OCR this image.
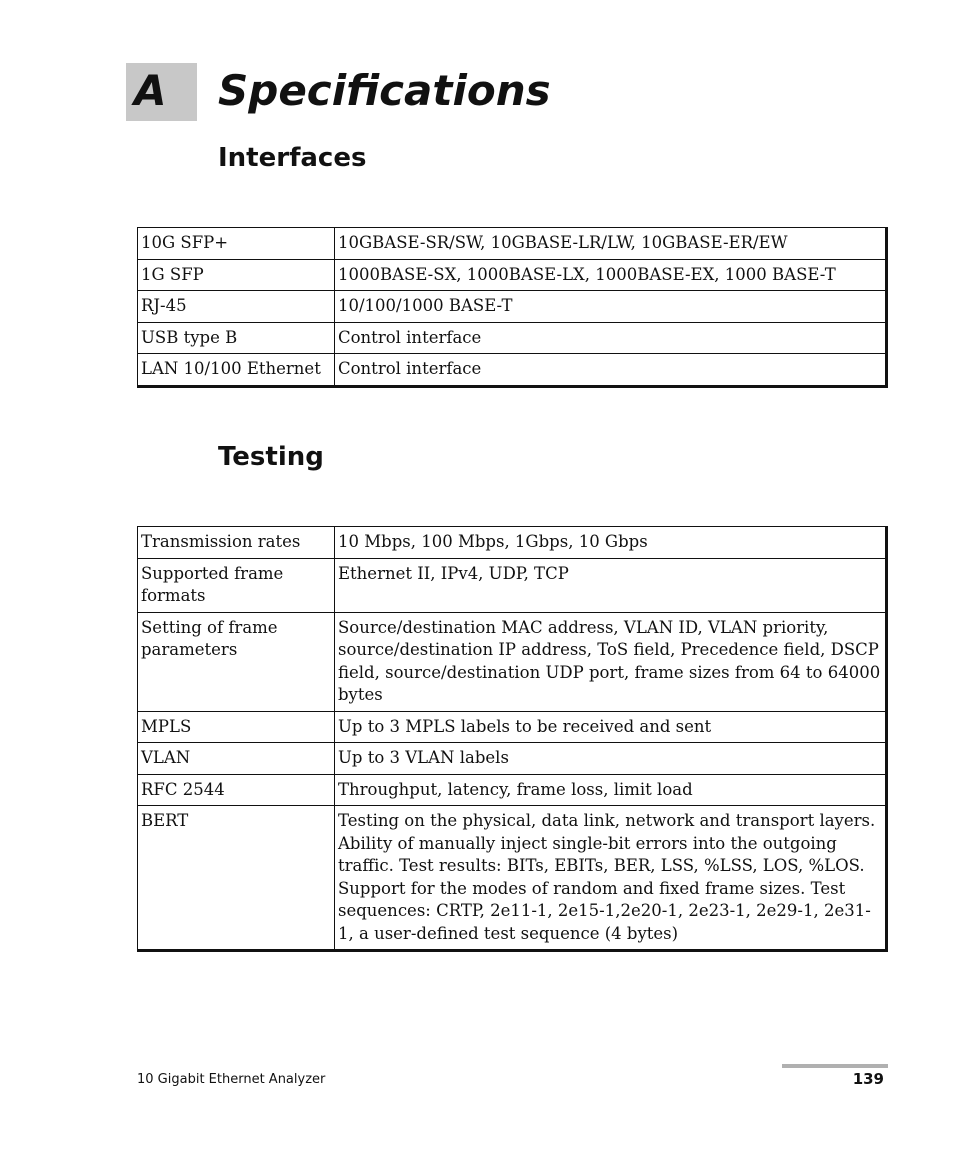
A Specifications
Interfaces
10G SFP+	10GBASE-SR/SW, 10GBASE-LR/LW, 10GBASE-ER/EW
1G SFP	1000BASE-SX, 1000BASE-LX, 1000BASE-EX, 1000 BASE-T
RJ-45	10/100/1000 BASE-T
USB type B	Control interface
LAN 10/100 Ethernet	Control interface
Testing
Transmission rates	10 Mbps, 100 Mbps, 1Gbps, 10 Gbps
Supported frame formats	Ethernet II, IPv4, UDP, TCP
Setting of frame parameters	Source/destination MAC address, VLAN ID, VLAN priority, source/destination IP address, ToS field, Precedence field, DSCP field, source/destination UDP port, frame sizes from 64 to 64000 bytes
MPLS	Up to 3 MPLS labels to be received and sent
VLAN	Up to 3 VLAN labels
RFC 2544	Throughput, latency, frame loss, limit load
BERT	Testing on the physical, data link, network and transport layers. Ability of manually inject single-bit errors into the outgoing traffic. Test results: BITs, EBITs, BER, LSS, %LSS, LOS, %LOS. Support for the modes of random and fixed frame sizes. Test sequences: CRTP, 2e11-1, 2e15-1,2e20-1, 2e23-1, 2e29-1, 2e31-1, a user-defined test sequence (4 bytes)
10 Gigabit Ethernet Analyzer	139
